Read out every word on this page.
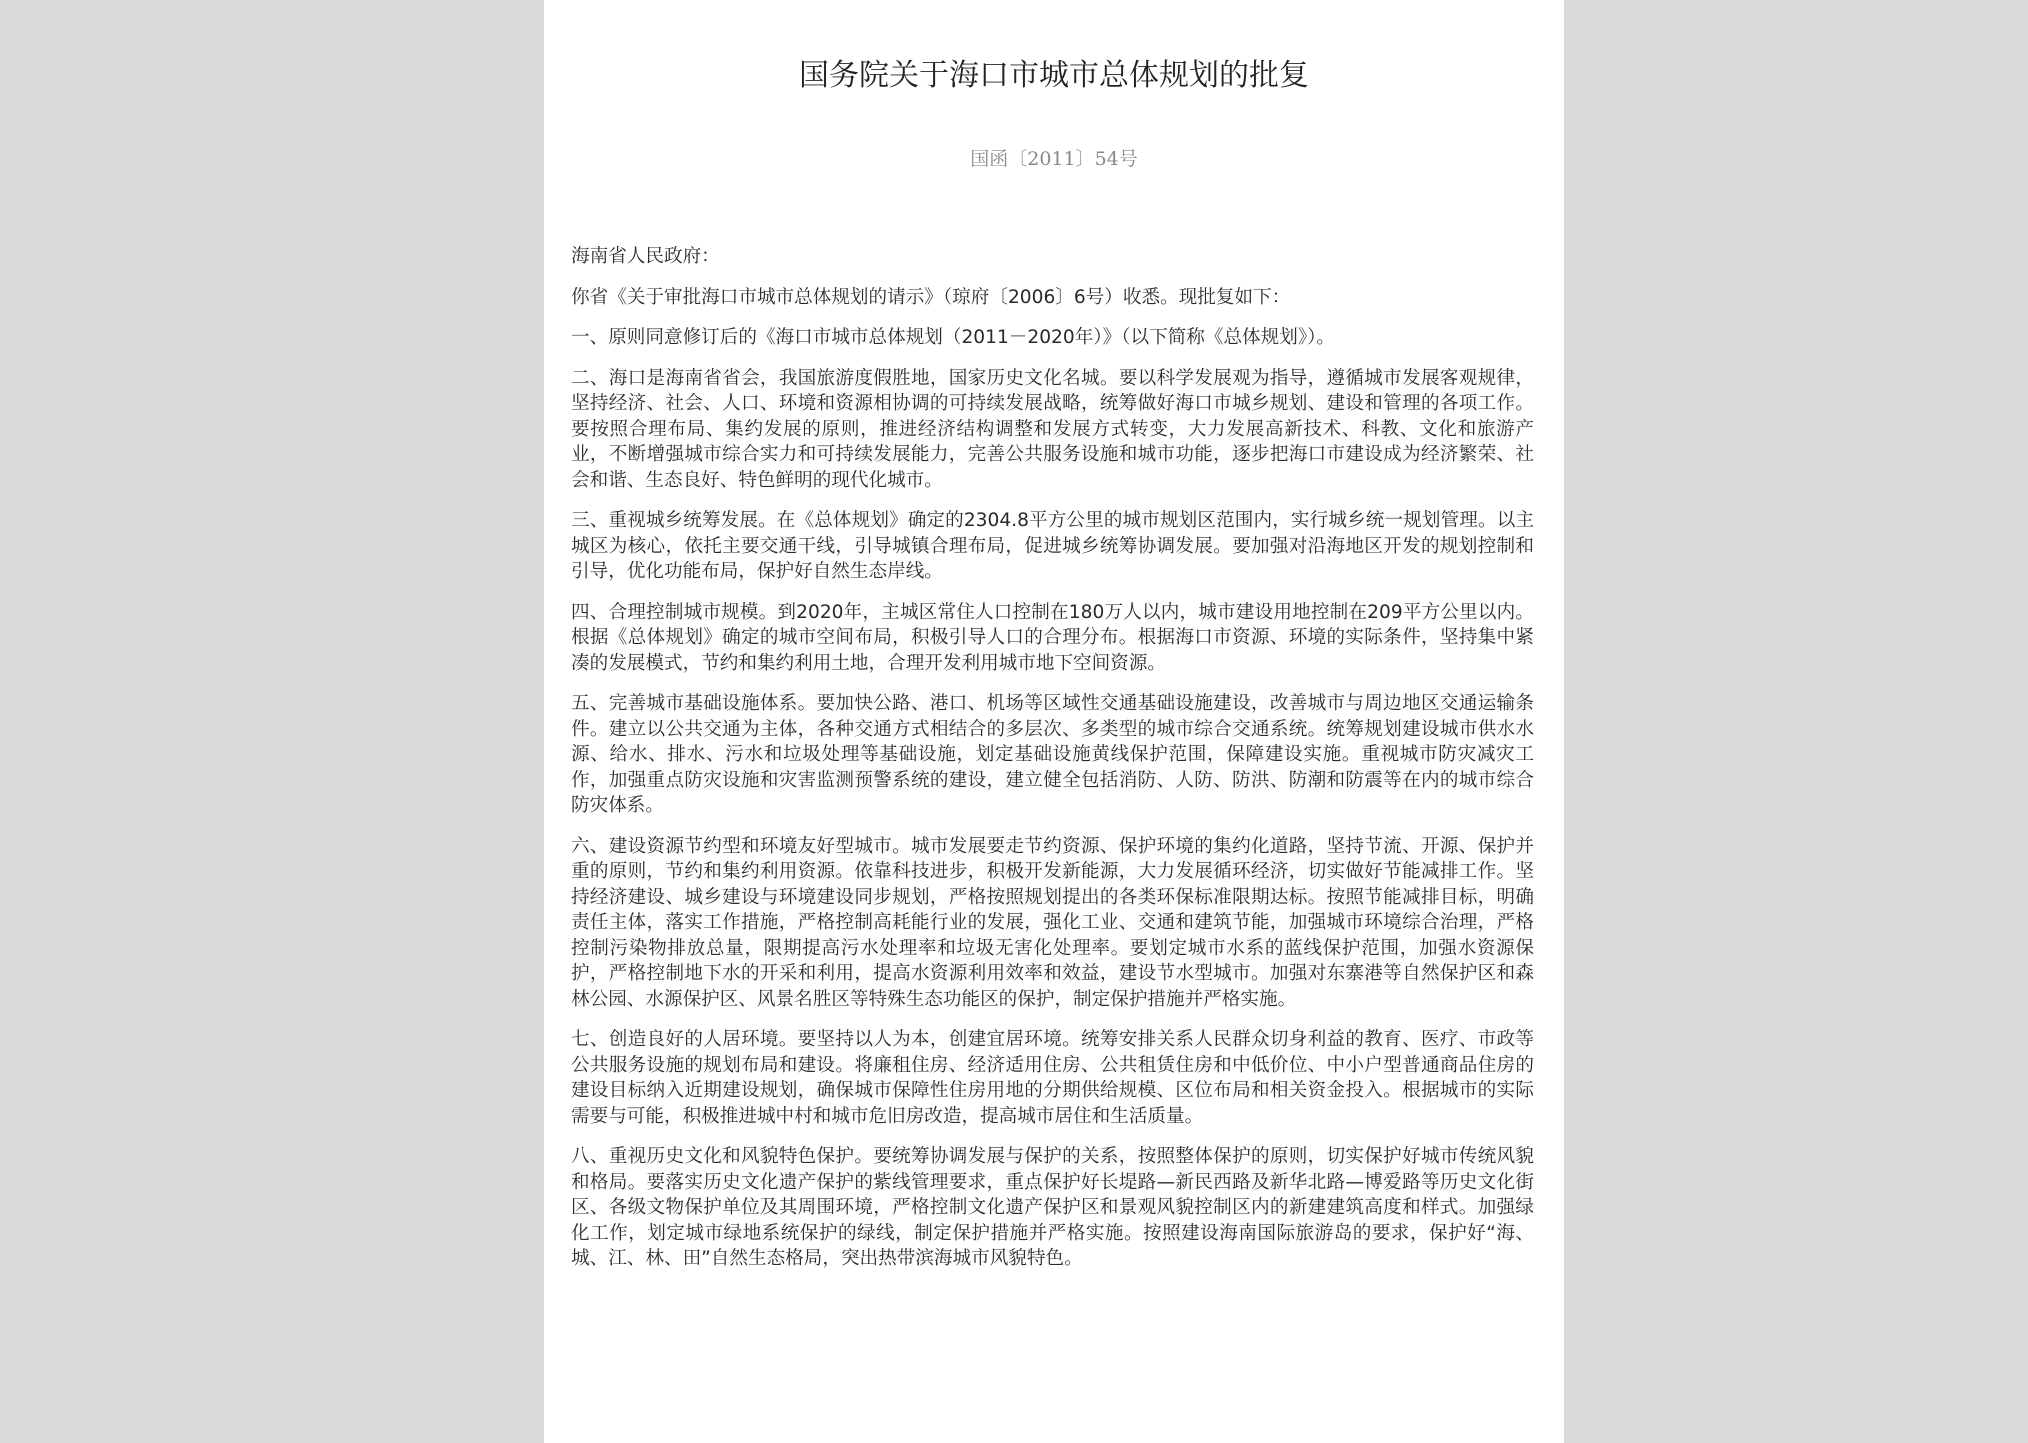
国务院关于海口市城市总体规划的批复
国函〔2011〕54号

海南省人民政府：

你省《关于审批海口市城市总体规划的请示》（琼府〔2006〕6号）收悉。现批复如下：

一、原则同意修订后的《海口市城市总体规划（2011－2020年）》（以下简称《总体规划》）。

二、海口是海南省省会，我国旅游度假胜地，国家历史文化名城。要以科学发展观为指导，遵循城市发展客观规律，坚持经济、社会、人口、环境和资源相协调的可持续发展战略，统筹做好海口市城乡规划、建设和管理的各项工作。要按照合理布局、集约发展的原则，推进经济结构调整和发展方式转变，大力发展高新技术、科教、文化和旅游产业，不断增强城市综合实力和可持续发展能力，完善公共服务设施和城市功能，逐步把海口市建设成为经济繁荣、社会和谐、生态良好、特色鲜明的现代化城市。

三、重视城乡统筹发展。在《总体规划》确定的2304.8平方公里的城市规划区范围内，实行城乡统一规划管理。以主城区为核心，依托主要交通干线，引导城镇合理布局，促进城乡统筹协调发展。要加强对沿海地区开发的规划控制和引导，优化功能布局，保护好自然生态岸线。

四、合理控制城市规模。到2020年，主城区常住人口控制在180万人以内，城市建设用地控制在209平方公里以内。根据《总体规划》确定的城市空间布局，积极引导人口的合理分布。根据海口市资源、环境的实际条件，坚持集中紧凑的发展模式，节约和集约利用土地，合理开发利用城市地下空间资源。

五、完善城市基础设施体系。要加快公路、港口、机场等区域性交通基础设施建设，改善城市与周边地区交通运输条件。建立以公共交通为主体，各种交通方式相结合的多层次、多类型的城市综合交通系统。统筹规划建设城市供水水源、给水、排水、污水和垃圾处理等基础设施，划定基础设施黄线保护范围，保障建设实施。重视城市防灾减灾工作，加强重点防灾设施和灾害监测预警系统的建设，建立健全包括消防、人防、防洪、防潮和防震等在内的城市综合防灾体系。

六、建设资源节约型和环境友好型城市。城市发展要走节约资源、保护环境的集约化道路，坚持节流、开源、保护并重的原则，节约和集约利用资源。依靠科技进步，积极开发新能源，大力发展循环经济，切实做好节能减排工作。坚持经济建设、城乡建设与环境建设同步规划，严格按照规划提出的各类环保标准限期达标。按照节能减排目标，明确责任主体，落实工作措施，严格控制高耗能行业的发展，强化工业、交通和建筑节能，加强城市环境综合治理，严格控制污染物排放总量，限期提高污水处理率和垃圾无害化处理率。要划定城市水系的蓝线保护范围，加强水资源保护，严格控制地下水的开采和利用，提高水资源利用效率和效益，建设节水型城市。加强对东寨港等自然保护区和森林公园、水源保护区、风景名胜区等特殊生态功能区的保护，制定保护措施并严格实施。

七、创造良好的人居环境。要坚持以人为本，创建宜居环境。统筹安排关系人民群众切身利益的教育、医疗、市政等公共服务设施的规划布局和建设。将廉租住房、经济适用住房、公共租赁住房和中低价位、中小户型普通商品住房的建设目标纳入近期建设规划，确保城市保障性住房用地的分期供给规模、区位布局和相关资金投入。根据城市的实际需要与可能，积极推进城中村和城市危旧房改造，提高城市居住和生活质量。

八、重视历史文化和风貌特色保护。要统筹协调发展与保护的关系，按照整体保护的原则，切实保护好城市传统风貌和格局。要落实历史文化遗产保护的紫线管理要求，重点保护好长堤路—新民西路及新华北路—博爱路等历史文化街区、各级文物保护单位及其周围环境，严格控制文化遗产保护区和景观风貌控制区内的新建建筑高度和样式。加强绿化工作，划定城市绿地系统保护的绿线，制定保护措施并严格实施。按照建设海南国际旅游岛的要求，保护好“海、城、江、林、田”自然生态格局，突出热带滨海城市风貌特色。
